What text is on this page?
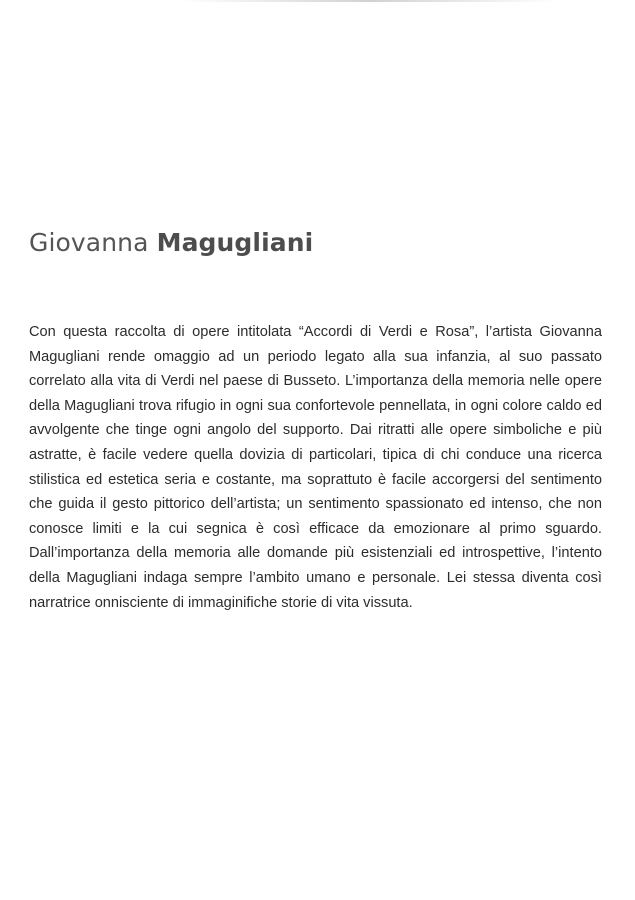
Giovanna Magugliani

Con questa raccolta di opere intitolata “Accordi di Verdi e Rosa”, l’artista Giovanna Magugliani rende omaggio ad un periodo legato alla sua infanzia, al suo passato correlato alla vita di Verdi nel paese di Busseto. L’importanza della memoria nelle opere della Magugliani trova rifugio in ogni sua confortevole pennellata, in ogni colore caldo ed avvolgente che tinge ogni angolo del supporto. Dai ritratti alle opere simboliche e più astratte, è facile vedere quella dovizia di particolari, tipica di chi conduce una ricerca stilistica ed estetica seria e costante, ma soprattuto è facile accorgersi del sentimento che guida il gesto pittorico dell’artista; un sentimento spassionato ed intenso, che non conosce limiti e la cui segnica è così efficace da emozionare al primo sguardo. Dall’importanza della memoria alle domande più esistenziali ed introspettive, l’intento della Magugliani indaga sempre l’ambito umano e personale. Lei stessa diventa così narratrice onnisciente di immaginifiche storie di vita vissuta.
